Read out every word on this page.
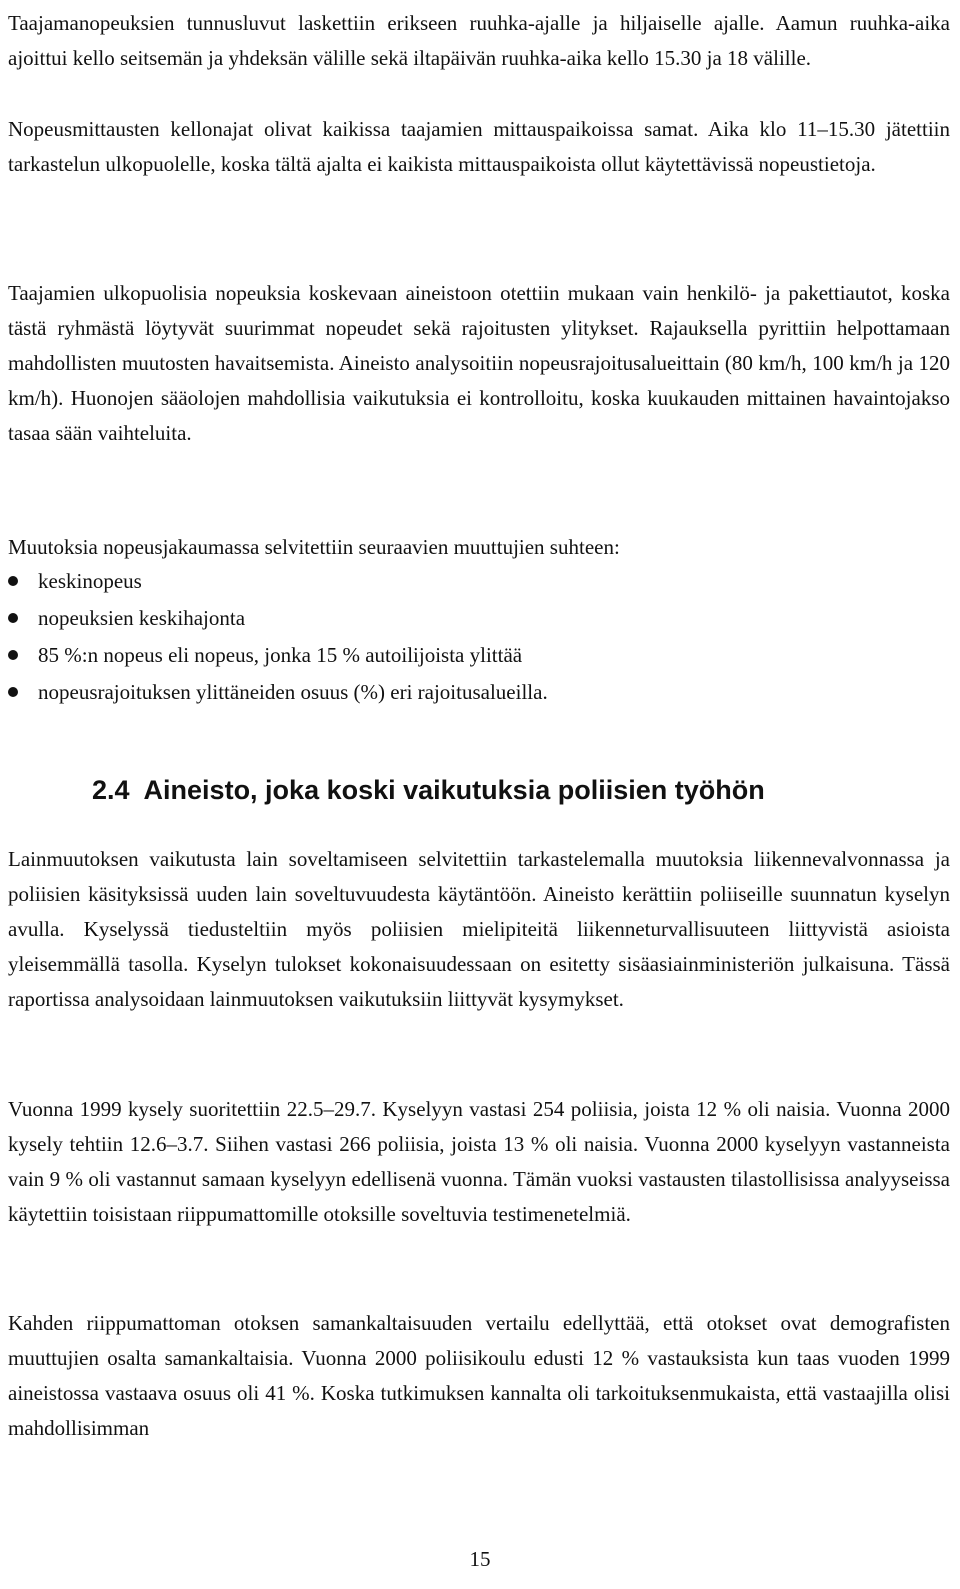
Taajamanopeuksien tunnusluvut laskettiin erikseen ruuhka-ajalle ja hiljaiselle ajalle. Aamun ruuhka-aika ajoittui kello seitsemän ja yhdeksän välille sekä iltapäivän ruuhka-aika kello 15.30 ja 18 välille.

Nopeusmittausten kellonajat olivat kaikissa taajamien mittauspaikoissa samat. Aika klo 11–15.30 jätettiin tarkastelun ulkopuolelle, koska tältä ajalta ei kaikista mittauspaikoista ollut käytettävissä nopeustietoja.

Taajamien ulkopuolisia nopeuksia koskevaan aineistoon otettiin mukaan vain henkilö- ja pakettiautot, koska tästä ryhmästä löytyvät suurimmat nopeudet sekä rajoitusten ylitykset. Rajauksella pyrittiin helpottamaan mahdollisten muutosten havaitsemista. Aineisto analysoitiin nopeusrajoitusalueittain (80 km/h, 100 km/h ja 120 km/h). Huonojen sääolojen mahdollisia vaikutuksia ei kontrolloitu, koska kuukauden mittainen havaintojakso tasaa sään vaihteluita.

Muutoksia nopeusjakaumassa selvitettiin seuraavien muuttujien suhteen:

keskinopeus
nopeuksien keskihajonta
85 %:n nopeus eli nopeus, jonka 15 % autoilijoista ylittää
nopeusrajoituksen ylittäneiden osuus (%) eri rajoitusalueilla.
2.4 Aineisto, joka koski vaikutuksia poliisien työhön

Lainmuutoksen vaikutusta lain soveltamiseen selvitettiin tarkastelemalla muutoksia liikennevalvonnassa ja poliisien käsityksissä uuden lain soveltuvuudesta käytäntöön. Aineisto kerättiin poliiseille suunnatun kyselyn avulla. Kyselyssä tiedusteltiin myös poliisien mielipiteitä liikenneturvallisuuteen liittyvistä asioista yleisemmällä tasolla. Kyselyn tulokset kokonaisuudessaan on esitetty sisäasiainministeriön julkaisuna. Tässä raportissa analysoidaan lainmuutoksen vaikutuksiin liittyvät kysymykset.

Vuonna 1999 kysely suoritettiin 22.5–29.7. Kyselyyn vastasi 254 poliisia, joista 12 % oli naisia. Vuonna 2000 kysely tehtiin 12.6–3.7. Siihen vastasi 266 poliisia, joista 13 % oli naisia. Vuonna 2000 kyselyyn vastanneista vain 9 % oli vastannut samaan kyselyyn edellisenä vuonna. Tämän vuoksi vastausten tilastollisissa analyyseissa käytettiin toisistaan riippumattomille otoksille soveltuvia testimenetelmiä.

Kahden riippumattoman otoksen samankaltaisuuden vertailu edellyttää, että otokset ovat demografisten muuttujien osalta samankaltaisia. Vuonna 2000 poliisikoulu edusti 12 % vastauksista kun taas vuoden 1999 aineistossa vastaava osuus oli 41 %. Koska tutkimuksen kannalta oli tarkoituksenmukaista, että vastaajilla olisi mahdollisimman

15
